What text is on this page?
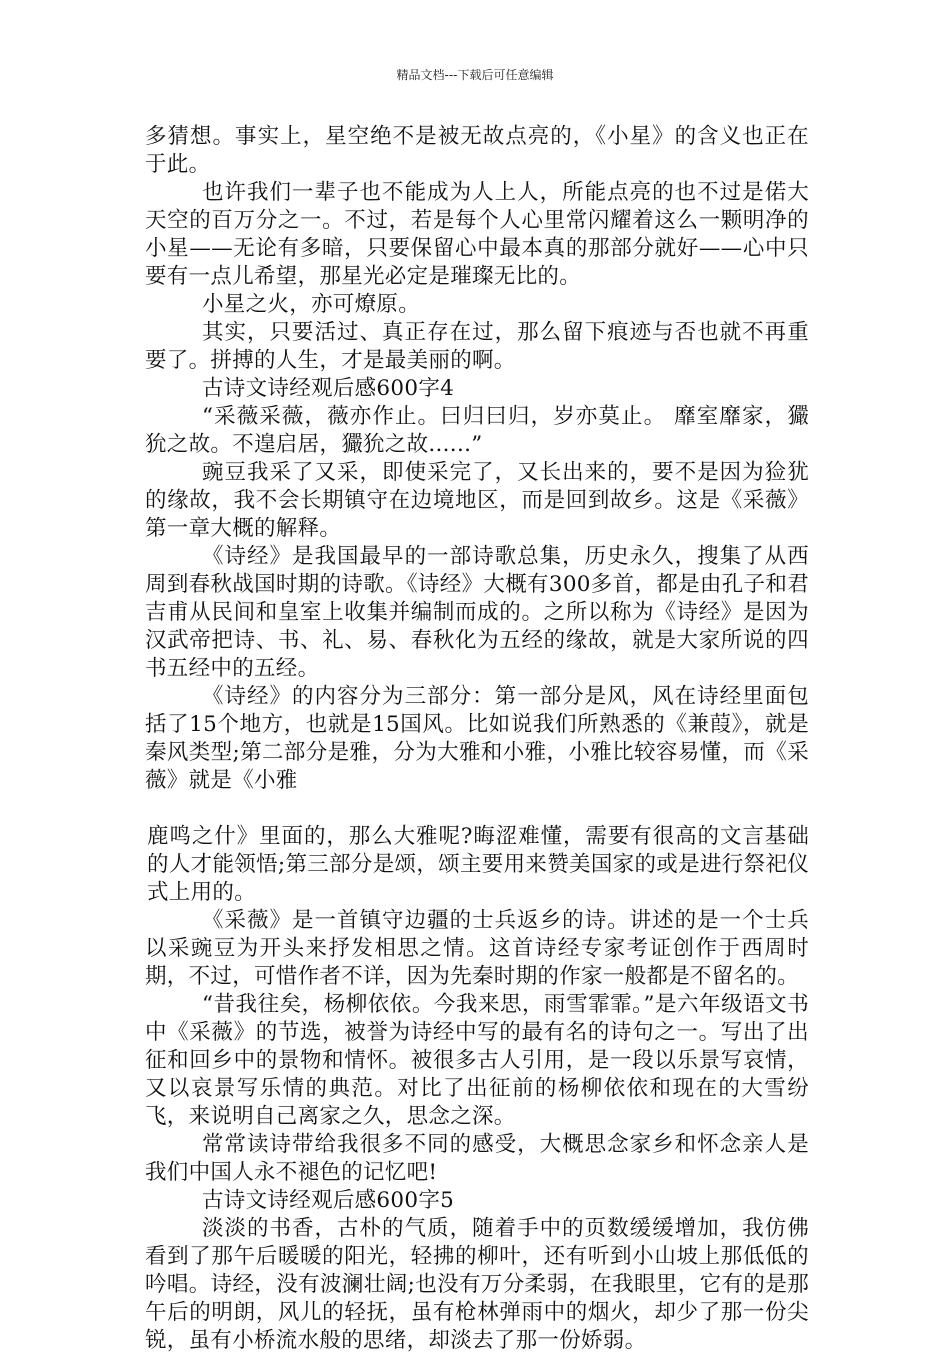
精品文档---下载后可任意编辑

多猜想。事实上，星空绝不是被无故点亮的，《小星》的含义也正在于此。

也许我们一辈子也不能成为人上人，所能点亮的也不过是偌大天空的百万分之一。不过，若是每个人心里常闪耀着这么一颗明净的小星——无论有多暗，只要保留心中最本真的那部分就好——心中只要有一点儿希望，那星光必定是璀璨无比的。

小星之火，亦可燎原。

其实，只要活过、真正存在过，那么留下痕迹与否也就不再重要了。拼搏的人生，才是最美丽的啊。

古诗文诗经观后感600字4

“采薇采薇，薇亦作止。曰归曰归，岁亦莫止。 靡室靡家，玁狁之故。不遑启居，玁狁之故......”

豌豆我采了又采，即使采完了，又长出来的，要不是因为猃犹的缘故，我不会长期镇守在边境地区，而是回到故乡。这是《采薇》第一章大概的解释。

《诗经》是我国最早的一部诗歌总集，历史永久，搜集了从西周到春秋战国时期的诗歌。《诗经》大概有300多首，都是由孔子和君吉甫从民间和皇室上收集并编制而成的。之所以称为《诗经》是因为汉武帝把诗、书、礼、易、春秋化为五经的缘故，就是大家所说的四书五经中的五经。

《诗经》的内容分为三部分：第一部分是风，风在诗经里面包括了15个地方，也就是15国风。比如说我们所熟悉的《兼葭》，就是秦风类型;第二部分是雅，分为大雅和小雅，小雅比较容易懂，而《采薇》就是《小雅

鹿鸣之什》里面的，那么大雅呢?晦涩难懂，需要有很高的文言基础的人才能领悟;第三部分是颂，颂主要用来赞美国家的或是进行祭祀仪式上用的。

《采薇》是一首镇守边疆的士兵返乡的诗。讲述的是一个士兵以采豌豆为开头来抒发相思之情。这首诗经专家考证创作于西周时期，不过，可惜作者不详，因为先秦时期的作家一般都是不留名的。

“昔我往矣，杨柳依依。今我来思，雨雪霏霏。”是六年级语文书中《采薇》的节选，被誉为诗经中写的最有名的诗句之一。写出了出征和回乡中的景物和情怀。被很多古人引用，是一段以乐景写哀情，又以哀景写乐情的典范。对比了出征前的杨柳依依和现在的大雪纷飞，来说明自己离家之久，思念之深。

常常读诗带给我很多不同的感受，大概思念家乡和怀念亲人是我们中国人永不褪色的记忆吧!

古诗文诗经观后感600字5

淡淡的书香，古朴的气质，随着手中的页数缓缓增加，我仿佛看到了那午后暖暖的阳光，轻拂的柳叶，还有听到小山坡上那低低的吟唱。诗经，没有波澜壮阔;也没有万分柔弱，在我眼里，它有的是那午后的明朗，风儿的轻抚，虽有枪林弹雨中的烟火，却少了那一份尖锐，虽有小桥流水般的思绪，却淡去了那一份娇弱。
